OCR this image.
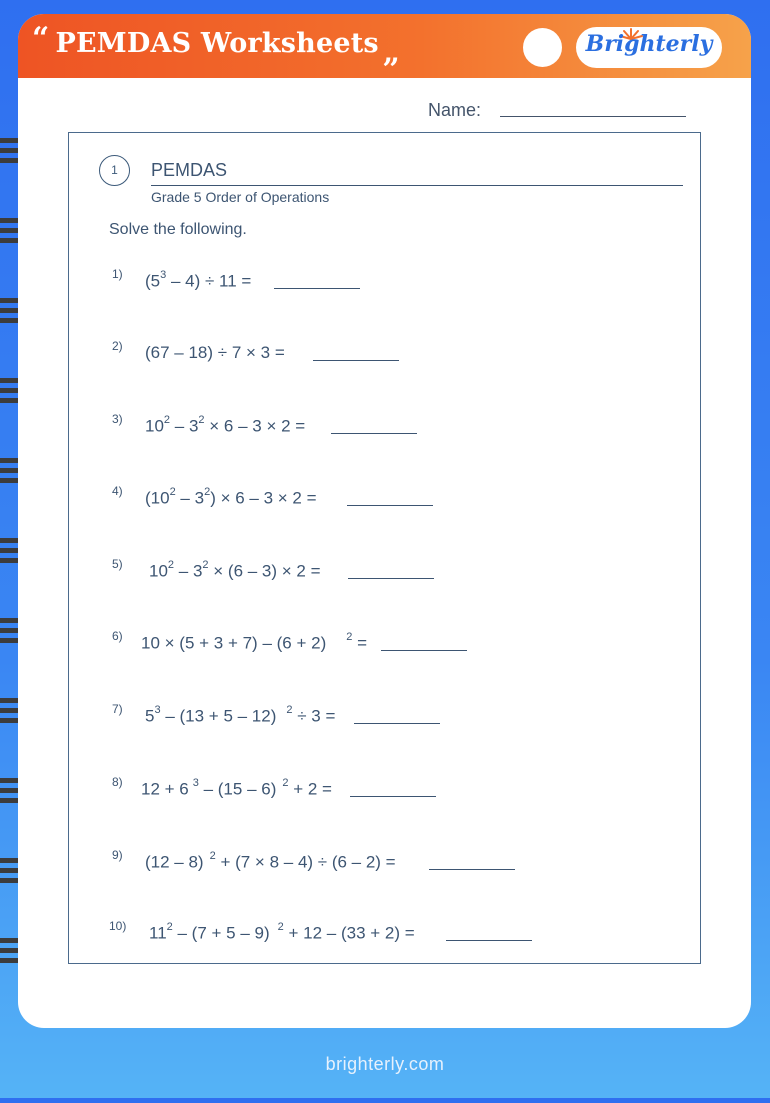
“ PEMDAS Worksheets „	Brighterly
Name:
1	PEMDAS
Grade 5 Order of Operations
Solve the following.
1) $(5^3 - 4) \div 11$ =
2) (67 – 18) ÷ 7 × 3 =
3) $10^2 - 3^2 \times 6 - 3 \times 2$ =
4) $(10^2 - 3^2) \times 6 - 3 \times 2$ =
5) $10^2 - 3^2 \times (6 - 3) \times 2$ =
6) 10 × (5 + 3 + 7) – (6 + 2) $^2$ =
7) $5^3 - (13 + 5 - 12) ^2 \div 3$ =
8) 12 + 6 $^3$ – (15 – 6) $^2$ + 2 =
9) (12 – 8) $^2$ + (7 × 8 – 4) ÷ (6 – 2) =
10) $11^2 - (7 + 5 - 9) ^2 + 12 - (33 + 2)$ =
brighterly.com
